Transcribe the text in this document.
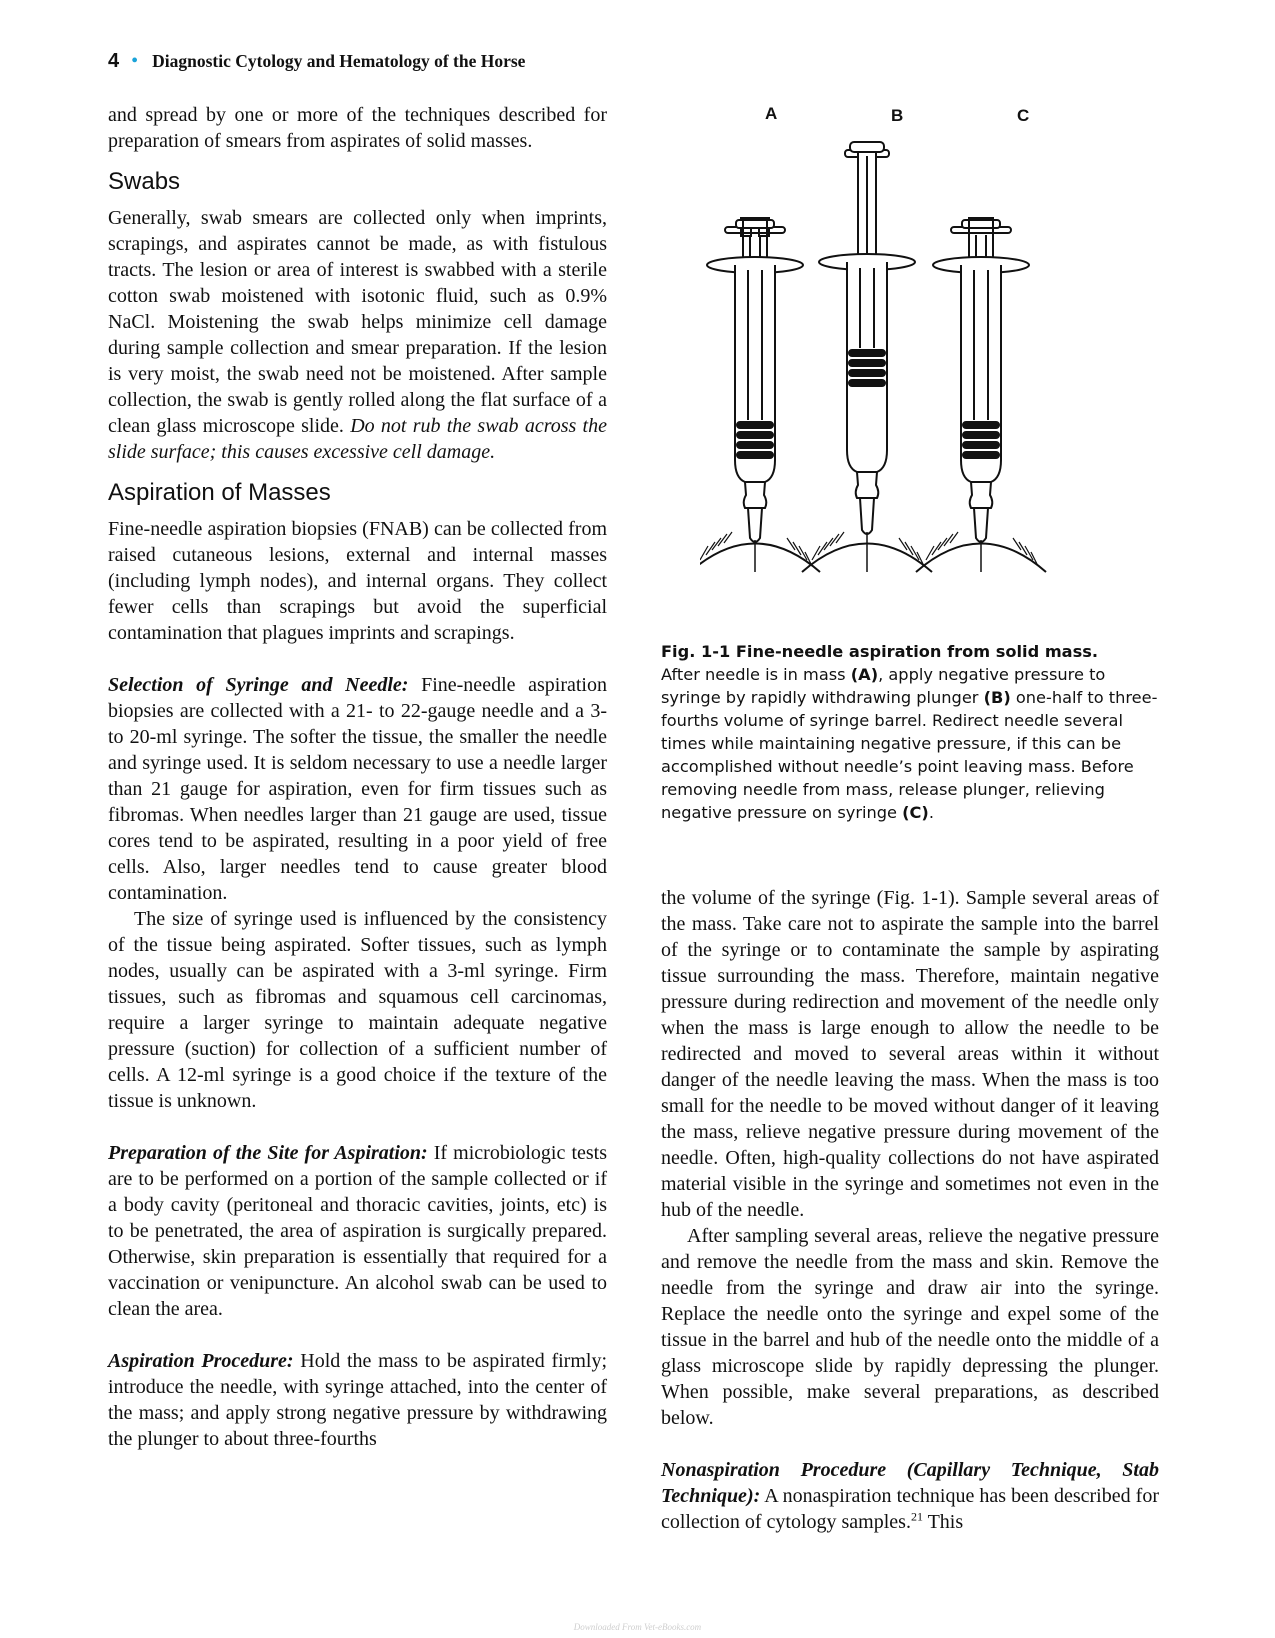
4 • Diagnostic Cytology and Hematology of the Horse

and spread by one or more of the techniques described for preparation of smears from aspirates of solid masses.

Swabs

Generally, swab smears are collected only when imprints, scrapings, and aspirates cannot be made, as with fistulous tracts. The lesion or area of interest is swabbed with a sterile cotton swab moistened with isotonic fluid, such as 0.9% NaCl. Moistening the swab helps minimize cell damage during sample collection and smear preparation. If the lesion is very moist, the swab need not be moistened. After sample collection, the swab is gently rolled along the flat surface of a clean glass microscope slide. Do not rub the swab across the slide surface; this causes excessive cell damage.

Aspiration of Masses

Fine-needle aspiration biopsies (FNAB) can be collected from raised cutaneous lesions, external and internal masses (including lymph nodes), and internal organs. They collect fewer cells than scrapings but avoid the superficial contamination that plagues imprints and scrapings.

Selection of Syringe and Needle: Fine-needle aspiration biopsies are collected with a 21- to 22-gauge needle and a 3- to 20-ml syringe. The softer the tissue, the smaller the needle and syringe used. It is seldom necessary to use a needle larger than 21 gauge for aspiration, even for firm tissues such as fibromas. When needles larger than 21 gauge are used, tissue cores tend to be aspirated, resulting in a poor yield of free cells. Also, larger needles tend to cause greater blood contamination.

The size of syringe used is influenced by the consistency of the tissue being aspirated. Softer tissues, such as lymph nodes, usually can be aspirated with a 3-ml syringe. Firm tissues, such as fibromas and squamous cell carcinomas, require a larger syringe to maintain adequate negative pressure (suction) for collection of a sufficient number of cells. A 12-ml syringe is a good choice if the texture of the tissue is unknown.

Preparation of the Site for Aspiration: If microbiologic tests are to be performed on a portion of the sample collected or if a body cavity (peritoneal and thoracic cavities, joints, etc) is to be penetrated, the area of aspiration is surgically prepared. Otherwise, skin preparation is essentially that required for a vaccination or venipuncture. An alcohol swab can be used to clean the area.

Aspiration Procedure: Hold the mass to be aspirated firmly; introduce the needle, with syringe attached, into the center of the mass; and apply strong negative pressure by withdrawing the plunger to about three-fourths

A	B	C
Fig. 1-1 Fine-needle aspiration from solid mass.
After needle is in mass (A), apply negative pressure to syringe by rapidly withdrawing plunger (B) one-half to three-fourths volume of syringe barrel. Redirect needle several times while maintaining negative pressure, if this can be accomplished without needle’s point leaving mass. Before removing needle from mass, release plunger, relieving negative pressure on syringe (C).

the volume of the syringe (Fig. 1-1). Sample several areas of the mass. Take care not to aspirate the sample into the barrel of the syringe or to contaminate the sample by aspirating tissue surrounding the mass. Therefore, maintain negative pressure during redirection and movement of the needle only when the mass is large enough to allow the needle to be redirected and moved to several areas within it without danger of the needle leaving the mass. When the mass is too small for the needle to be moved without danger of it leaving the mass, relieve negative pressure during movement of the needle. Often, high-quality collections do not have aspirated material visible in the syringe and sometimes not even in the hub of the needle.

After sampling several areas, relieve the negative pressure and remove the needle from the mass and skin. Remove the needle from the syringe and draw air into the syringe. Replace the needle onto the syringe and expel some of the tissue in the barrel and hub of the needle onto the middle of a glass microscope slide by rapidly depressing the plunger. When possible, make several preparations, as described below.

Nonaspiration Procedure (Capillary Technique, Stab Technique): A nonaspiration technique has been described for collection of cytology samples.$^{21}$ This

Downloaded From Vet-eBooks.com
